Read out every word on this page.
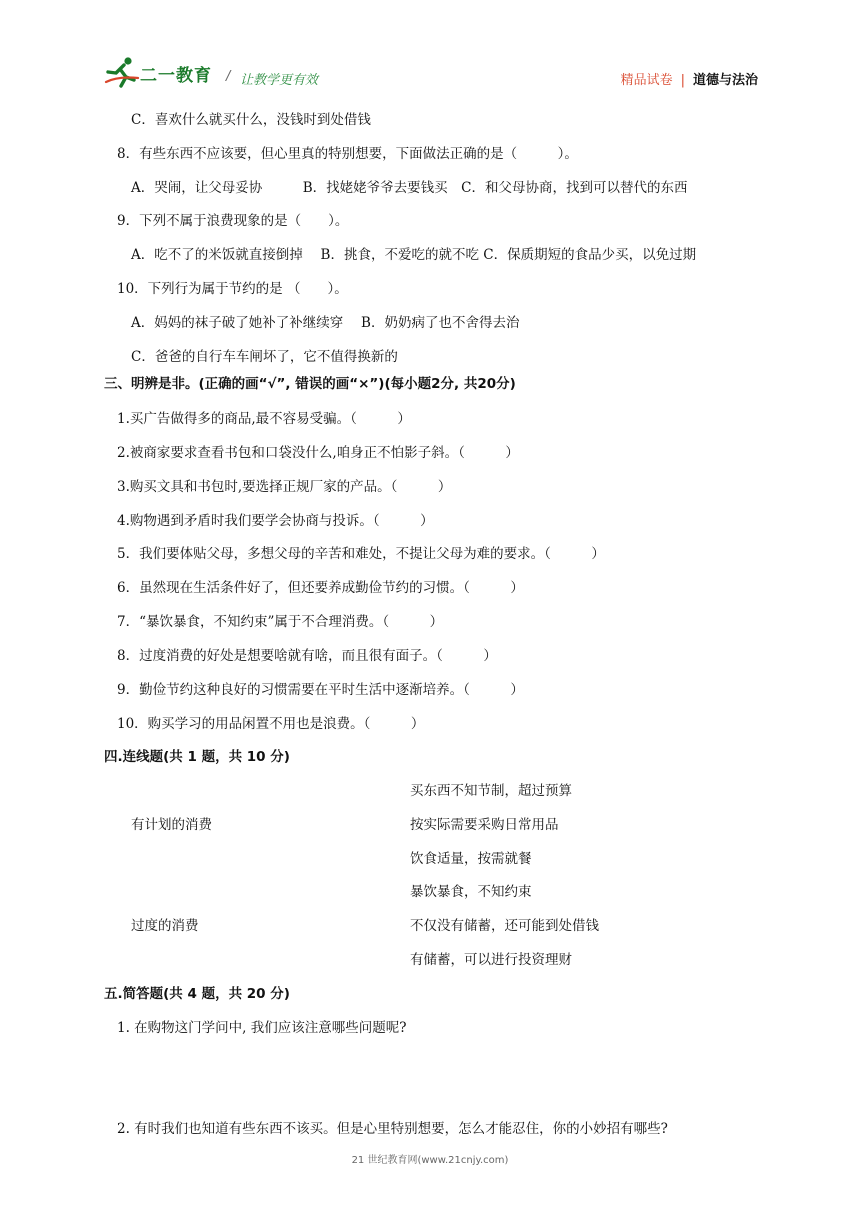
二一教育 / 让教学更有效	精品试卷 | 道德与法治
C．喜欢什么就买什么，没钱时到处借钱
8．有些东西不应该要，但心里真的特别想要，下面做法正确的是（　　　）。
A．哭闹，让父母妥协　　　B．找姥姥爷爷去要钱买　C．和父母协商，找到可以替代的东西
9．下列不属于浪费现象的是（　　）。
A．吃不了的米饭就直接倒掉　 B．挑食，不爱吃的就不吃 C．保质期短的食品少买，以免过期
10．下列行为属于节约的是 （　　）。
A．妈妈的袜子破了她补了补继续穿　 B．奶奶病了也不舍得去治
C．爸爸的自行车车闸坏了，它不值得换新的
三、明辨是非。(正确的画“√”, 错误的画“×”)(每小题2分, 共20分)
1.买广告做得多的商品,最不容易受骗。（　　　）
2.被商家要求查看书包和口袋没什么,咱身正不怕影子斜。（　　　）
3.购买文具和书包时,要选择正规厂家的产品。（　　　）
4.购物遇到矛盾时我们要学会协商与投诉。（　　　）
5．我们要体贴父母，多想父母的辛苦和难处，不提让父母为难的要求。（　　　）
6．虽然现在生活条件好了，但还要养成勤俭节约的习惯。（　　　）
7．“暴饮暴食，不知约束”属于不合理消费。（　　　）
8．过度消费的好处是想要啥就有啥，而且很有面子。（　　　）
9．勤俭节约这种良好的习惯需要在平时生活中逐渐培养。（　　　）
10．购买学习的用品闲置不用也是浪费。（　　　）
四.连线题(共 1 题，共 10 分)
有计划的消费
过度的消费
买东西不知节制，超过预算
按实际需要采购日常用品
饮食适量，按需就餐
暴饮暴食，不知约束
不仅没有储蓄，还可能到处借钱
有储蓄，可以进行投资理财
五.简答题(共 4 题，共 20 分)
1. 在购物这门学问中, 我们应该注意哪些问题呢?
2. 有时我们也知道有些东西不该买。但是心里特别想要，怎么才能忍住，你的小妙招有哪些?
21 世纪教育网(www.21cnjy.com)
